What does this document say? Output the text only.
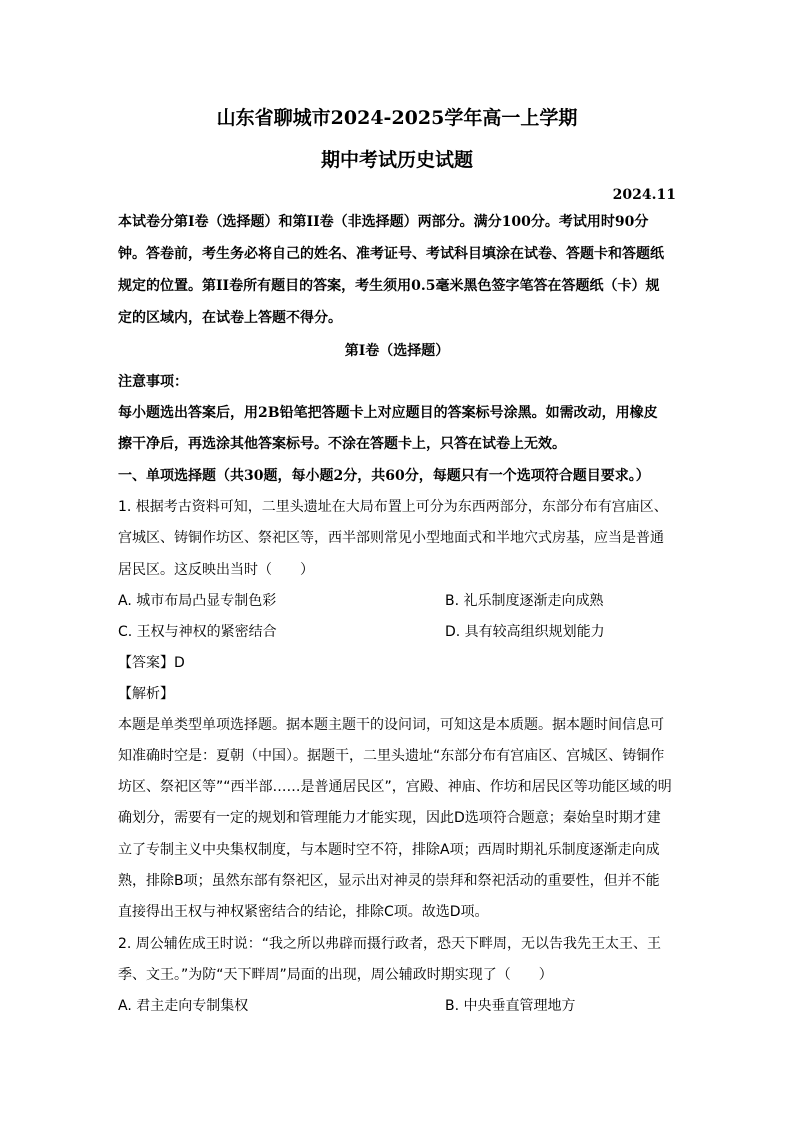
山东省聊城市2024-2025学年高一上学期
期中考试历史试题
2024.11
本试卷分第I卷（选择题）和第II卷（非选择题）两部分。满分100分。考试用时90分
钟。答卷前，考生务必将自己的姓名、准考证号、考试科目填涂在试卷、答题卡和答题纸
规定的位置。第II卷所有题目的答案，考生须用0.5毫米黑色签字笔答在答题纸（卡）规
定的区域内，在试卷上答题不得分。
第I卷（选择题）
注意事项：
每小题选出答案后，用2B铅笔把答题卡上对应题目的答案标号涂黑。如需改动，用橡皮
擦干净后，再选涂其他答案标号。不涂在答题卡上，只答在试卷上无效。
一、单项选择题（共30题，每小题2分，共60分，每题只有一个选项符合题目要求。）
1. 根据考古资料可知，二里头遗址在大局布置上可分为东西两部分，东部分布有宫庙区、
宫城区、铸铜作坊区、祭祀区等，西半部则常见小型地面式和半地穴式房基，应当是普通
居民区。这反映出当时（　　）
A. 城市布局凸显专制色彩	B. 礼乐制度逐渐走向成熟
C. 王权与神权的紧密结合	D. 具有较高组织规划能力
【答案】D
【解析】
本题是单类型单项选择题。据本题主题干的设问词，可知这是本质题。据本题时间信息可
知准确时空是：夏朝（中国）。据题干，二里头遗址“东部分布有宫庙区、宫城区、铸铜作
坊区、祭祀区等”“西半部……是普通居民区”，宫殿、神庙、作坊和居民区等功能区域的明
确划分，需要有一定的规划和管理能力才能实现，因此D选项符合题意；秦始皇时期才建
立了专制主义中央集权制度，与本题时空不符，排除A项；西周时期礼乐制度逐渐走向成
熟，排除B项；虽然东部有祭祀区，显示出对神灵的崇拜和祭祀活动的重要性，但并不能
直接得出王权与神权紧密结合的结论，排除C项。故选D项。
2. 周公辅佐成王时说：“我之所以弗辟而摄行政者，恐天下畔周，无以告我先王太王、王
季、文王。”为防“天下畔周”局面的出现，周公辅政时期实现了（　　）
A. 君主走向专制集权	B. 中央垂直管理地方
